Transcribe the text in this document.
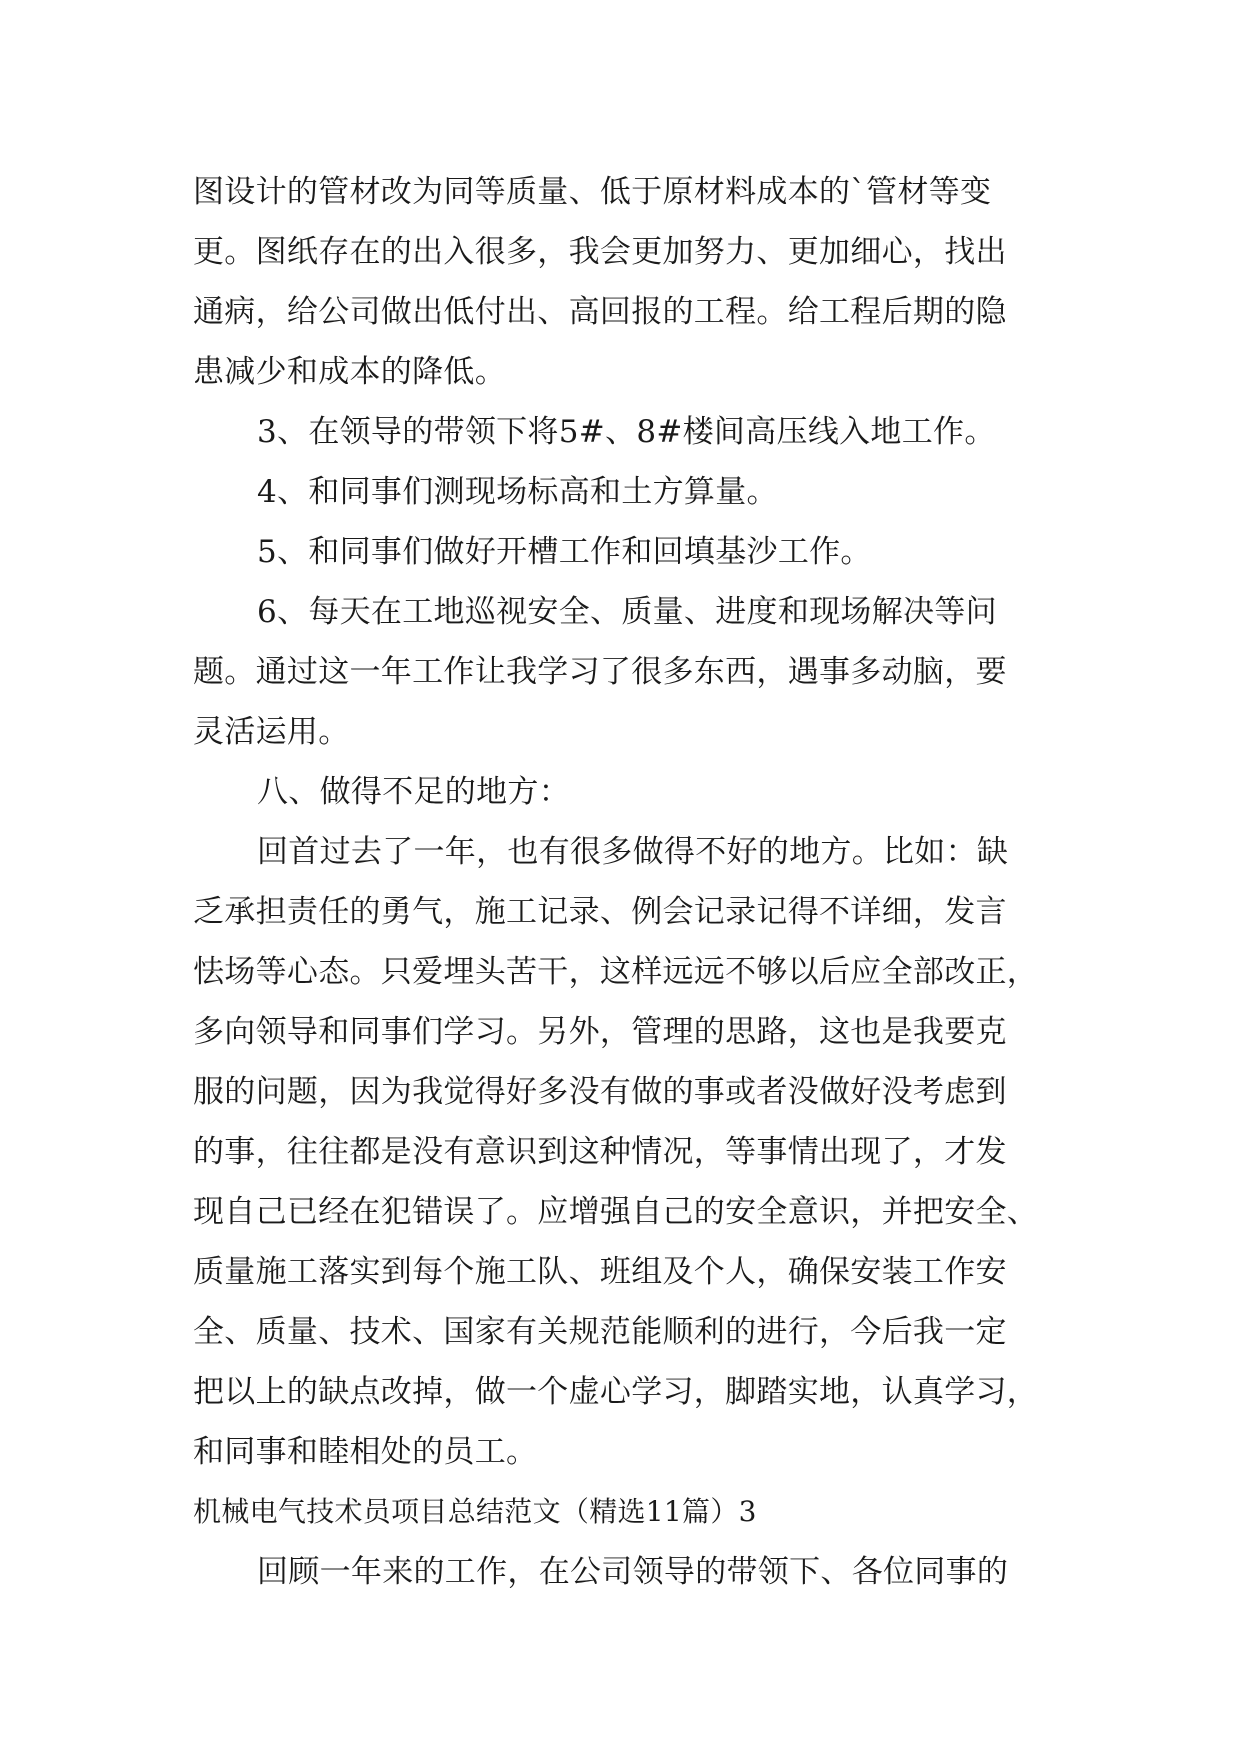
图设计的管材改为同等质量、低于原材料成本的`管材等变
更。图纸存在的出入很多，我会更加努力、更加细心，找出
通病，给公司做出低付出、高回报的工程。给工程后期的隐
患减少和成本的降低。
3、在领导的带领下将5#、8#楼间高压线入地工作。
4、和同事们测现场标高和土方算量。
5、和同事们做好开槽工作和回填基沙工作。
6、每天在工地巡视安全、质量、进度和现场解决等问
题。通过这一年工作让我学习了很多东西，遇事多动脑，要
灵活运用。
八、做得不足的地方：
回首过去了一年，也有很多做得不好的地方。比如：缺
乏承担责任的勇气，施工记录、例会记录记得不详细，发言
怯场等心态。只爱埋头苦干，这样远远不够以后应全部改正，
多向领导和同事们学习。另外，管理的思路，这也是我要克
服的问题，因为我觉得好多没有做的事或者没做好没考虑到
的事，往往都是没有意识到这种情况，等事情出现了，才发
现自己已经在犯错误了。应增强自己的安全意识，并把安全、
质量施工落实到每个施工队、班组及个人，确保安装工作安
全、质量、技术、国家有关规范能顺利的进行，今后我一定
把以上的缺点改掉，做一个虚心学习，脚踏实地，认真学习，
和同事和睦相处的员工。
机械电气技术员项目总结范文（精选11篇）3
回顾一年来的工作，在公司领导的带领下、各位同事的
